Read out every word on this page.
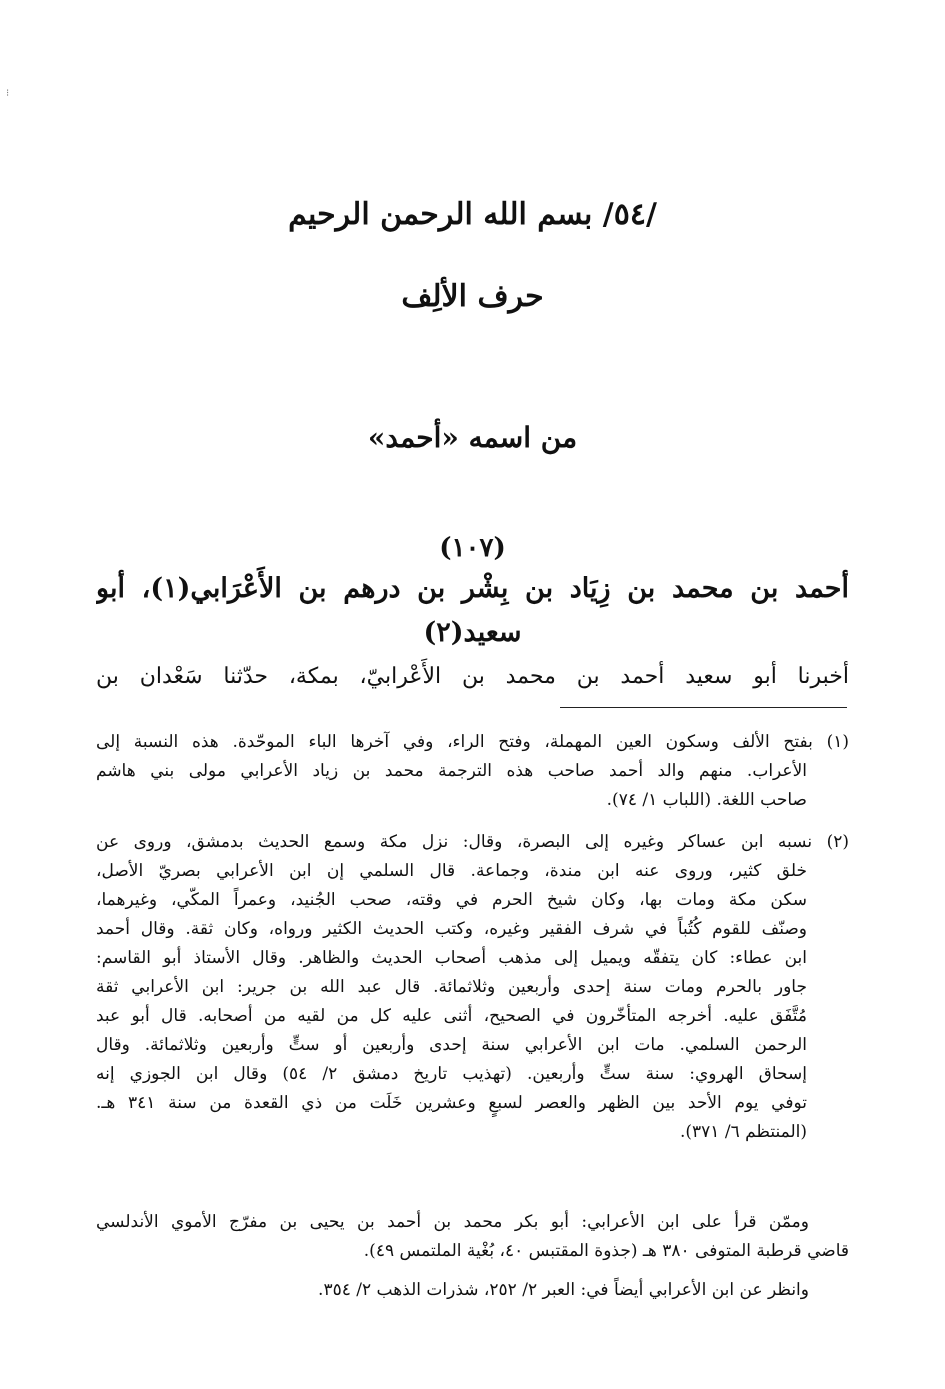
⁝
/٥٤/ بسم الله الرحمن الرحيم
حرف الألِف
من اسمه «أحمد»
(١٠٧)
أحمد بن محمد بن زِيَاد بن بِشْر بن درهم بن الأَعْرَابي(١)، أبو
سعيد(٢)
أخبرنا أبو سعيد أحمد بن محمد بن الأَعْرابيّ، بمكة، حدّثنا سَعْدان بن
(١) بفتح الألف وسكون العين المهملة، وفتح الراء، وفي آخرها الباء الموحّدة. هذه النسبة إلى
الأعراب. منهم والد أحمد صاحب هذه الترجمة محمد بن زياد الأعرابي مولى بني هاشم
صاحب اللغة. (اللباب ١/ ٧٤).
(٢) نسبه ابن عساكر وغيره إلى البصرة، وقال: نزل مكة وسمع الحديث بدمشق، وروى عن
خلق كثير، وروى عنه ابن مندة، وجماعة. قال السلمي إن ابن الأعرابي بصريّ الأصل،
سكن مكة ومات بها، وكان شيخ الحرم في وقته، صحب الجُنيد، وعمراً المكّي، وغيرهما،
وصنّف للقوم كُتُباً في شرف الفقير وغيره، وكتب الحديث الكثير ورواه، وكان ثقة. وقال أحمد
ابن عطاء: كان يتفقّه ويميل إلى مذهب أصحاب الحديث والظاهر. وقال الأستاذ أبو القاسم:
جاور بالحرم ومات سنة إحدى وأربعين وثلاثمائة. قال عبد الله بن جرير: ابن الأعرابي ثقة
مُتَّفَق عليه. أخرجه المتأخّرون في الصحيح، أثنى عليه كل من لقيه من أصحابه. قال أبو عبد
الرحمن السلمي. مات ابن الأعرابي سنة إحدى وأربعين أو ستٍّ وأربعين وثلاثمائة. وقال
إسحاق الهروي: سنة ستٍّ وأربعين. (تهذيب تاريخ دمشق ٢/ ٥٤) وقال ابن الجوزي إنه
توفي يوم الأحد بين الظهر والعصر لسبعٍ وعشرين خَلَت من ذي القعدة من سنة ٣٤١ هـ.
(المنتظم ٦/ ٣٧١).
وممّن قرأ على ابن الأعرابي: أبو بكر محمد بن أحمد بن يحيى بن مفرّج الأموي الأندلسي
قاضي قرطبة المتوفى ٣٨٠ هـ (جذوة المقتبس ٤٠، بُغْية الملتمس ٤٩).
وانظر عن ابن الأعرابي أيضاً في: العبر ٢/ ٢٥٢، شذرات الذهب ٢/ ٣٥٤.
